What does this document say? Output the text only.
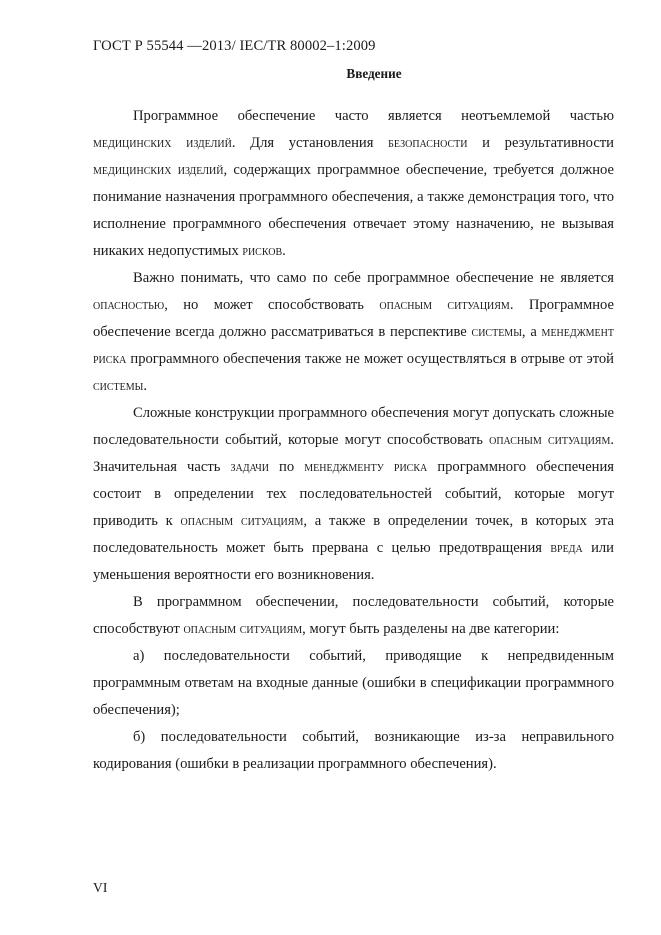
ГОСТ Р 55544 —2013/ IEC/TR 80002–1:2009
Введение

Программное обеспечение часто является неотъемлемой частью медицинских изделий. Для установления безопасности и результативности медицинских изделий, содержащих программное обеспечение, требуется должное понимание назначения программного обеспечения, а также демонстрация того, что исполнение программного обеспечения отвечает этому назначению, не вызывая никаких недопустимых рисков.

Важно понимать, что само по себе программное обеспечение не является опасностью, но может способствовать опасным ситуациям. Программное обеспечение всегда должно рассматриваться в перспективе системы, а менеджмент риска программного обеспечения также не может осуществляться в отрыве от этой системы.

Сложные конструкции программного обеспечения могут допускать сложные последовательности событий, которые могут способствовать опасным ситуациям. Значительная часть задачи по менеджменту риска программного обеспечения состоит в определении тех последовательностей событий, которые могут приводить к опасным ситуациям, а также в определении точек, в которых эта последовательность может быть прервана с целью предотвращения вреда или уменьшения вероятности его возникновения.

В программном обеспечении, последовательности событий, которые способствуют опасным ситуациям, могут быть разделены на две категории:

а) последовательности событий, приводящие к непредвиденным программным ответам на входные данные (ошибки в спецификации программного обеспечения);

б) последовательности событий, возникающие из-за неправильного кодирования (ошибки в реализации программного обеспечения).

VI
